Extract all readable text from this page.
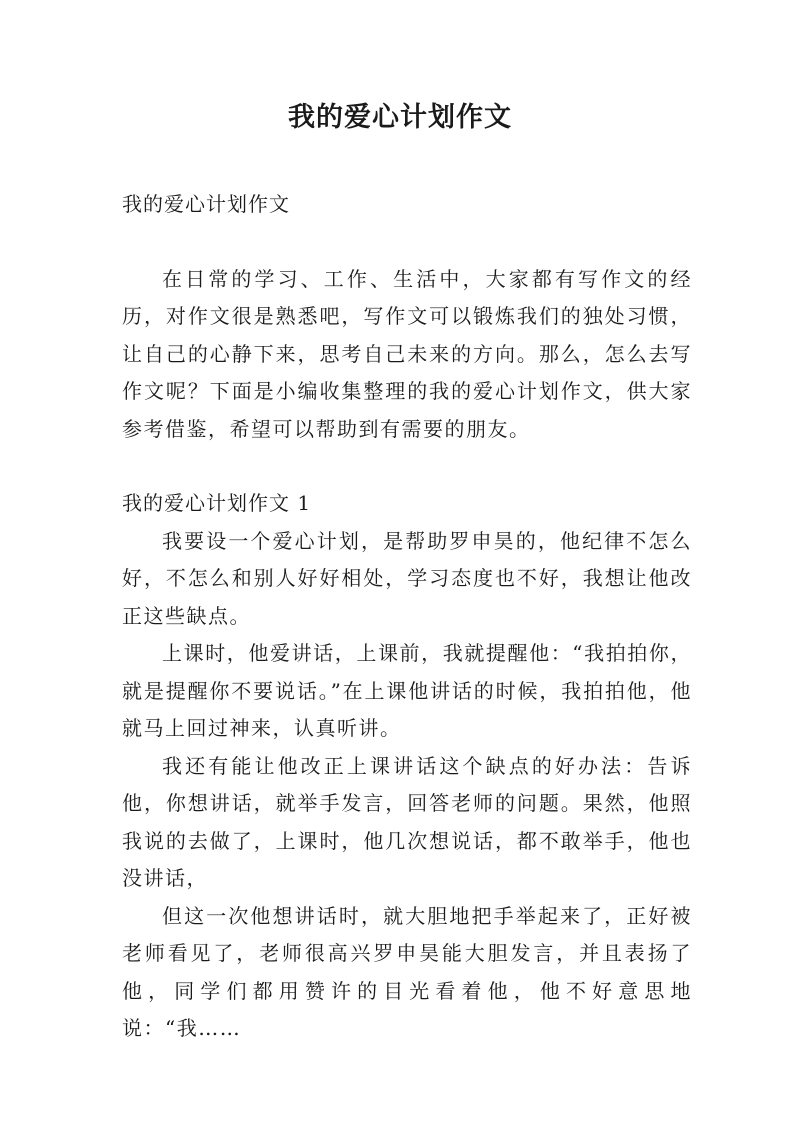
我的爱心计划作文

我的爱心计划作文

在日常的学习、工作、生活中，大家都有写作文的经历，对作文很是熟悉吧，写作文可以锻炼我们的独处习惯，让自己的心静下来，思考自己未来的方向。那么，怎么去写作文呢？下面是小编收集整理的我的爱心计划作文，供大家参考借鉴，希望可以帮助到有需要的朋友。

我的爱心计划作文 1

我要设一个爱心计划，是帮助罗申昊的，他纪律不怎么好，不怎么和别人好好相处，学习态度也不好，我想让他改正这些缺点。

上课时，他爱讲话，上课前，我就提醒他：“我拍拍你，就是提醒你不要说话。”在上课他讲话的时候，我拍拍他，他就马上回过神来，认真听讲。

我还有能让他改正上课讲话这个缺点的好办法：告诉他，你想讲话，就举手发言，回答老师的问题。果然，他照我说的去做了，上课时，他几次想说话，都不敢举手，他也没讲话，

但这一次他想讲话时，就大胆地把手举起来了，正好被老师看见了，老师很高兴罗申昊能大胆发言，并且表扬了他，同学们都用赞许的目光看着他，他不好意思地说：“我……
